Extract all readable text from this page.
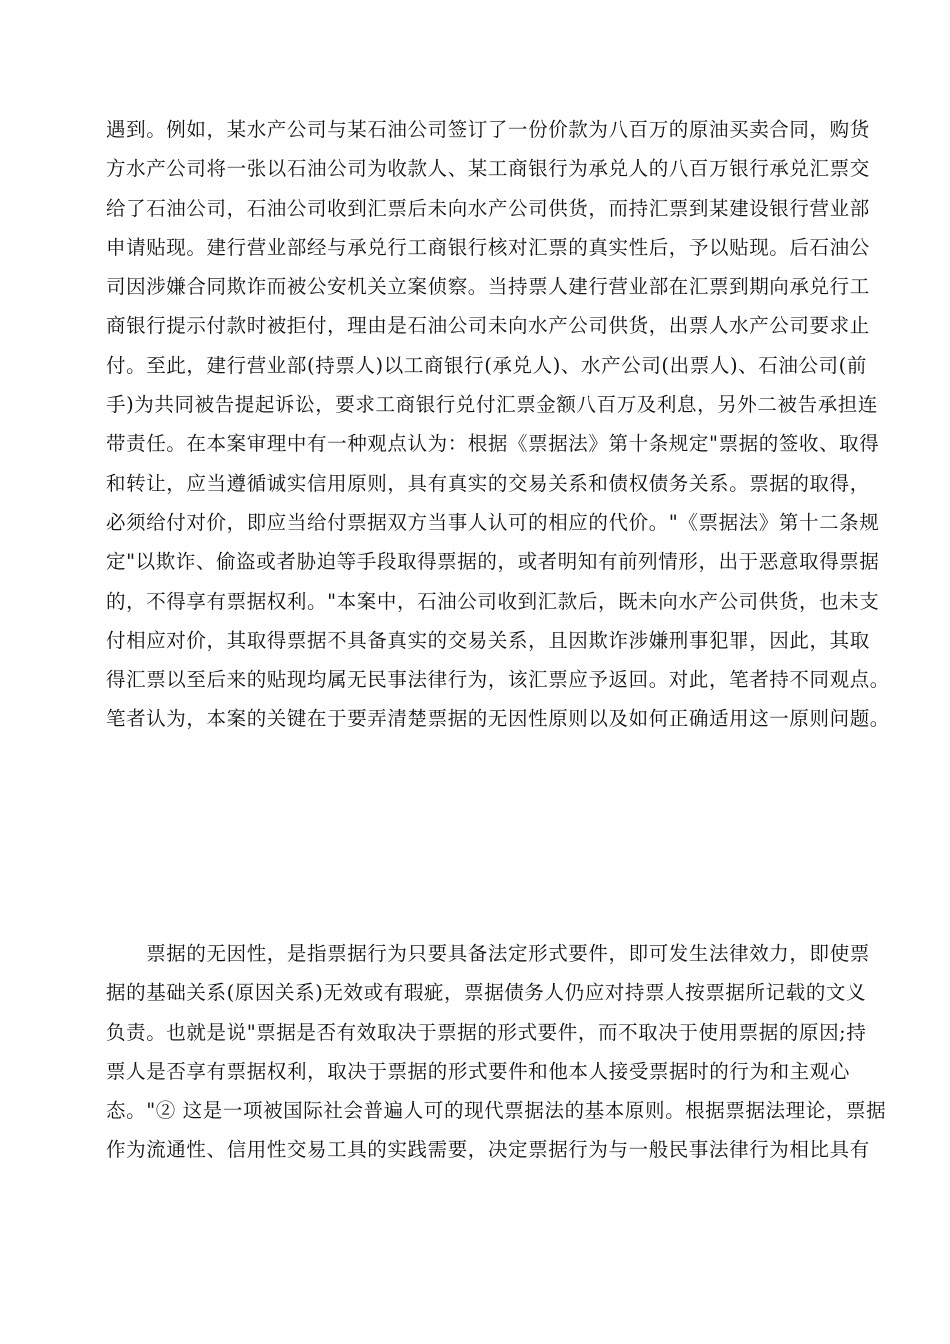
遇到。例如，某水产公司与某石油公司签订了一份价款为八百万的原油买卖合同，购货
方水产公司将一张以石油公司为收款人、某工商银行为承兑人的八百万银行承兑汇票交
给了石油公司，石油公司收到汇票后未向水产公司供货，而持汇票到某建设银行营业部
申请贴现。建行营业部经与承兑行工商银行核对汇票的真实性后，予以贴现。后石油公
司因涉嫌合同欺诈而被公安机关立案侦察。当持票人建行营业部在汇票到期向承兑行工
商银行提示付款时被拒付，理由是石油公司未向水产公司供货，出票人水产公司要求止
付。至此，建行营业部(持票人)以工商银行(承兑人)、水产公司(出票人)、石油公司(前
手)为共同被告提起诉讼，要求工商银行兑付汇票金额八百万及利息，另外二被告承担连
带责任。在本案审理中有一种观点认为：根据《票据法》第十条规定"票据的签收、取得
和转让，应当遵循诚实信用原则，具有真实的交易关系和债权债务关系。票据的取得，
必须给付对价，即应当给付票据双方当事人认可的相应的代价。"《票据法》第十二条规
定"以欺诈、偷盗或者胁迫等手段取得票据的，或者明知有前列情形，出于恶意取得票据
的，不得享有票据权利。"本案中，石油公司收到汇款后，既未向水产公司供货，也未支
付相应对价，其取得票据不具备真实的交易关系，且因欺诈涉嫌刑事犯罪，因此，其取
得汇票以至后来的贴现均属无民事法律行为，该汇票应予返回。对此，笔者持不同观点。
笔者认为，本案的关键在于要弄清楚票据的无因性原则以及如何正确适用这一原则问题。

　　票据的无因性，是指票据行为只要具备法定形式要件，即可发生法律效力，即使票
据的基础关系(原因关系)无效或有瑕疵，票据债务人仍应对持票人按票据所记载的文义
负责。也就是说"票据是否有效取决于票据的形式要件，而不取决于使用票据的原因;持
票人是否享有票据权利，取决于票据的形式要件和他本人接受票据时的行为和主观心
态。"② 这是一项被国际社会普遍人可的现代票据法的基本原则。根据票据法理论，票据
作为流通性、信用性交易工具的实践需要，决定票据行为与一般民事法律行为相比具有
